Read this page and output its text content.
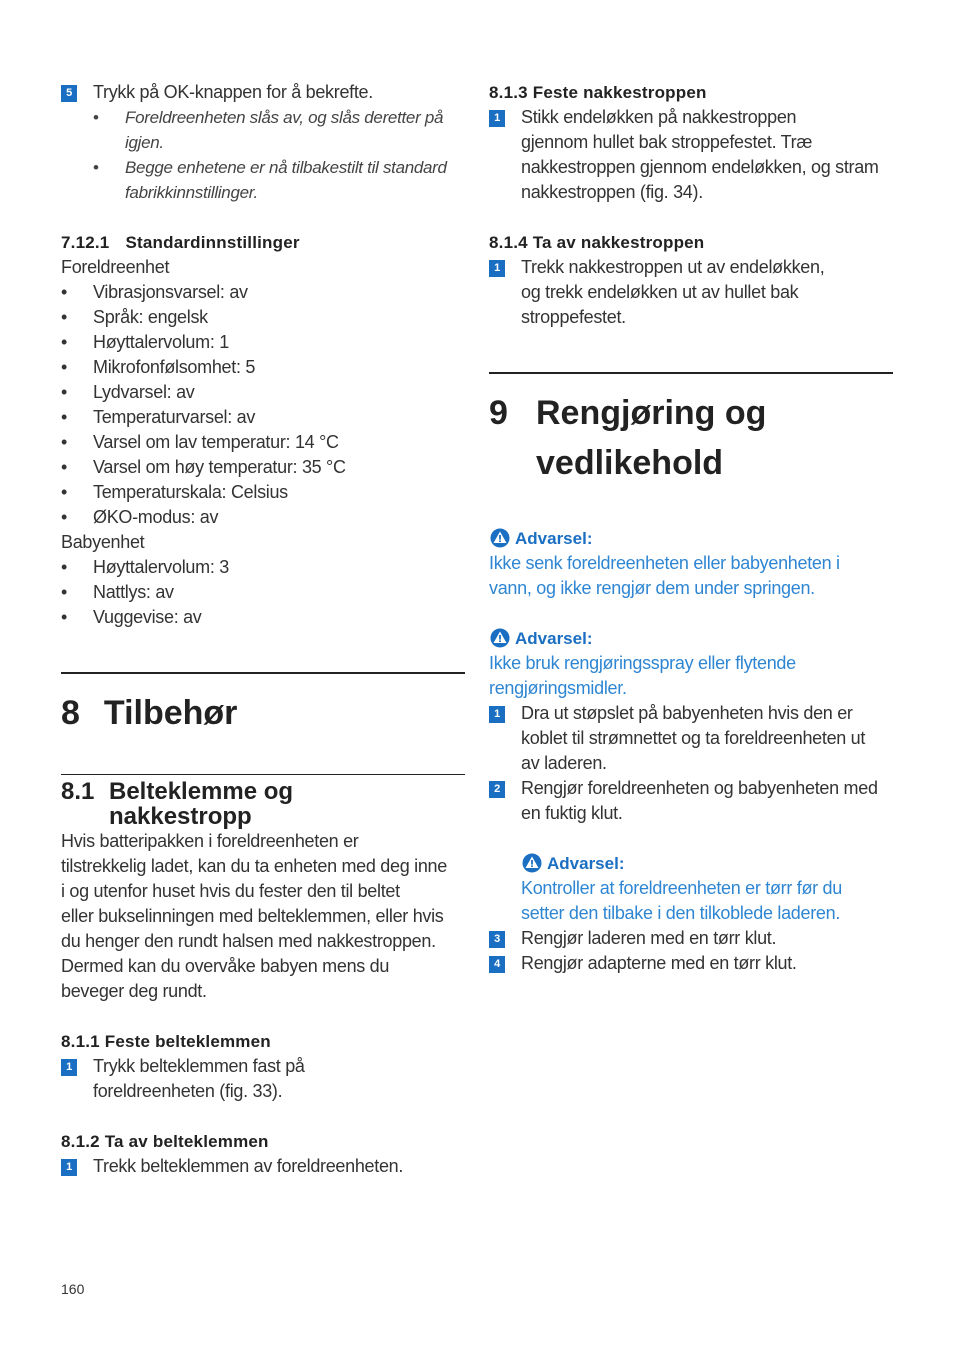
5 Trykk på OK-knappen for å bekrefte.
• Foreldreenheten slås av, og slås deretter på igjen.
• Begge enhetene er nå tilbakestilt til standard fabrikkinnstillinger.

7.12.1 Standardinnstillinger

Foreldreenhet

• Vibrasjonsvarsel: av
• Språk: engelsk
• Høyttalervolum: 1
• Mikrofonfølsomhet: 5
• Lydvarsel: av
• Temperaturvarsel: av
• Varsel om lav temperatur: 14 °C
• Varsel om høy temperatur: 35 °C
• Temperaturskala: Celsius
• ØKO-modus: av

Babyenhet

• Høyttalervolum: 3
• Nattlys: av
• Vuggevise: av

8 Tilbehør

8.1 Belteklemme og
nakkestropp
Hvis batteripakken i foreldreenheten er
tilstrekkelig ladet, kan du ta enheten med deg inne
i og utenfor huset hvis du fester den til beltet
eller bukselinningen med belteklemmen, eller hvis
du henger den rundt halsen med nakkestroppen.
Dermed kan du overvåke babyen mens du
beveger deg rundt.

8.1.1 Feste belteklemmen

1 Trykk belteklemmen fast på
foreldreenheten (fig. 33).

8.1.2 Ta av belteklemmen

1 Trekk belteklemmen av foreldreenheten.

8.1.3 Feste nakkestroppen

1 Stikk endeløkken på nakkestroppen
gjennom hullet bak stroppefestet. Træ
nakkestroppen gjennom endeløkken, og stram
nakkestroppen (fig. 34).

8.1.4 Ta av nakkestroppen

1 Trekk nakkestroppen ut av endeløkken,
og trekk endeløkken ut av hullet bak
stroppefestet.
9 Rengjøring og
vedlikehold

Advarsel:

Ikke senk foreldreenheten eller babyenheten i
vann, og ikke rengjør dem under springen.

Advarsel:

Ikke bruk rengjøringsspray eller flytende
rengjøringsmidler.
1 Dra ut støpslet på babyenheten hvis den er
koblet til strømnettet og ta foreldreenheten ut
av laderen.
2 Rengjør foreldreenheten og babyenheten med
en fuktig klut.

Advarsel:

Kontroller at foreldreenheten er tørr før du
setter den tilbake i den tilkoblede laderen.
3 Rengjør laderen med en tørr klut.
4 Rengjør adapterne med en tørr klut.
160
